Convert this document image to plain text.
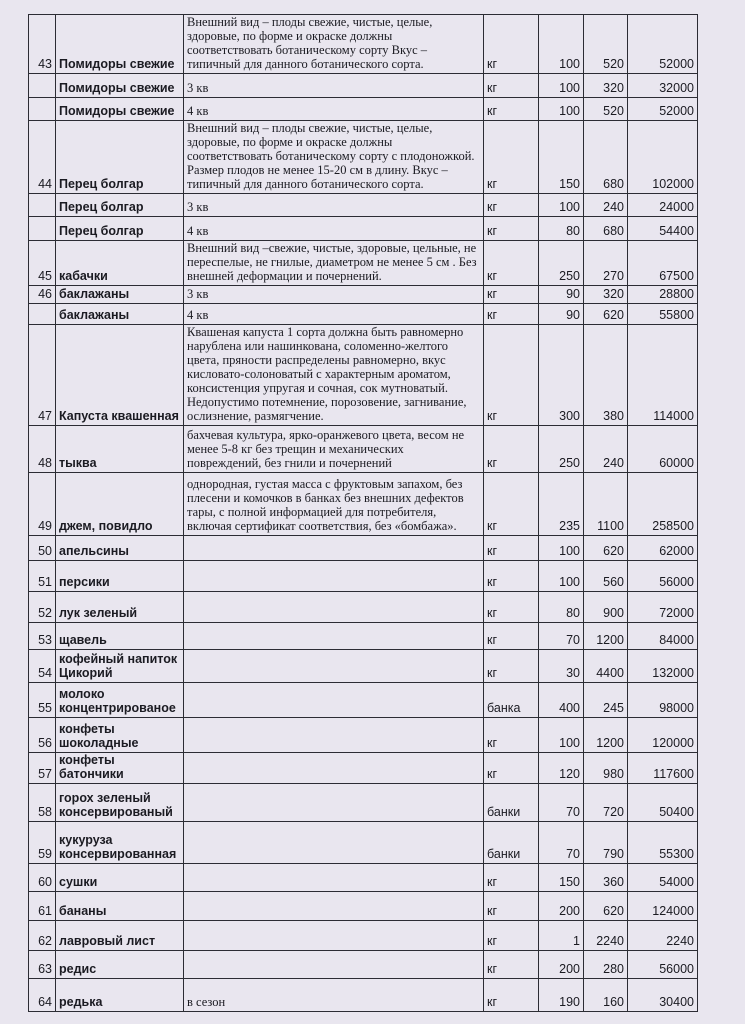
43	Помидоры свежие	Внешний вид – плоды свежие, чистые, целые, здоровые, по форме и окраске должны соответствовать ботаническому сорту Вкус – типичный для данного ботанического сорта.	кг	100	520	52000
	Помидоры свежие	3 кв	кг	100	320	32000
	Помидоры свежие	4 кв	кг	100	520	52000
44	Перец болгар	Внешний вид – плоды свежие, чистые, целые, здоровые, по форме и окраске должны соответствовать ботаническому сорту с плодоножкой. Размер плодов не менее 15-20 см в длину. Вкус – типичный для данного ботанического сорта.	кг	150	680	102000
	Перец болгар	3 кв	кг	100	240	24000
	Перец болгар	4 кв	кг	80	680	54400
45	кабачки	Внешний вид –свежие, чистые, здоровые, цельные, не переспелые, не гнилые, диаметром не менее 5 см . Без внешней деформации и почернений.	кг	250	270	67500
46	баклажаны	3 кв	кг	90	320	28800
	баклажаны	4 кв	кг	90	620	55800
47	Капуста квашенная	Квашеная капуста 1 сорта должна быть равномерно нарублена или нашинкована, соломенно-желтого цвета, пряности распределены равномерно, вкус кисловато-солоноватый с характерным ароматом, консистенция упругая и сочная, сок мутноватый. Недопустимо потемнение, порозовение, загнивание, ослизнение, размягчение.	кг	300	380	114000
48	тыква	бахчевая культура, ярко-оранжевого цвета, весом не менее 5-8 кг без трещин и механических повреждений, без гнили и почернений	кг	250	240	60000
49	джем, повидло	однородная, густая масса с фруктовым запахом, без плесени и комочков в банках без внешних дефектов тары, с полной информацией для потребителя, включая сертификат соответствия, без «бомбажа».	кг	235	1100	258500
50	апельсины		кг	100	620	62000
51	персики		кг	100	560	56000
52	лук зеленый		кг	80	900	72000
53	щавель		кг	70	1200	84000
54	кофейный напиток Цикорий		кг	30	4400	132000
55	молоко концентрированое		банка	400	245	98000
56	конфеты шоколадные		кг	100	1200	120000
57	конфеты батончики		кг	120	980	117600
58	горох зеленый консервированый		банки	70	720	50400
59	кукуруза консервированная		банки	70	790	55300
60	сушки		кг	150	360	54000
61	бананы		кг	200	620	124000
62	лавровый лист		кг	1	2240	2240
63	редис		кг	200	280	56000
64	редька	в сезон	кг	190	160	30400
